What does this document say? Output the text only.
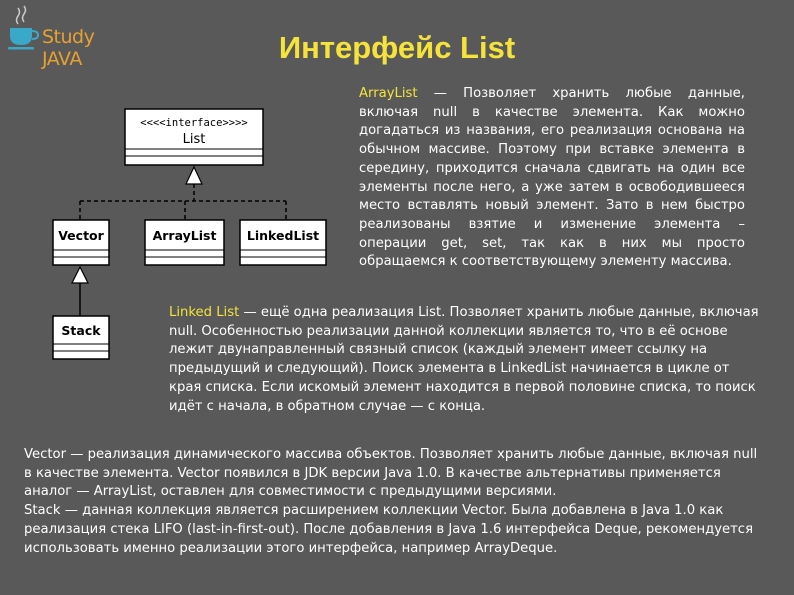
Study JAVA	Интерфейс List
<<<<interface>>>>
List
Vector	ArrayList LinkedList
Stack
ArrayList — Позволяет хранить любые данные, включая null в качестве элемента. Как можно догадаться из названия, его реализация основана на обычном массиве. Поэтому при вставке элемента в середину, приходится сначала сдвигать на один все элементы после него, а уже затем в освободившееся место вставлять новый элемент. Зато в нем быстро реализованы взятие и изменение элемента – операции get, set, так как в них мы просто обращаемся к соответствующему элементу массива.
Linked List — ещё одна реализация List. Позволяет хранить любые данные, включая null. Особенностью реализации данной коллекции является то, что в её основе лежит двунаправленный связный список (каждый элемент имеет ссылку на предыдущий и следующий). Поиск элемента в LinkedList начинается в цикле от края списка. Если искомый элемент находится в первой половине списка, то поиск идёт с начала, в обратном случае — с конца.
Vector — реализация динамического массива объектов. Позволяет хранить любые данные, включая null в качестве элемента. Vector появился в JDK версии Java 1.0. В качестве альтернативы применяется аналог — ArrayList, оставлен для совместимости с предыдущими версиями.
Stack — данная коллекция является расширением коллекции Vector. Была добавлена в Java 1.0 как реализация стека LIFO (last-in-first-out). После добавления в Java 1.6 интерфейса Deque, рекомендуется использовать именно реализации этого интерфейса, например ArrayDeque.
